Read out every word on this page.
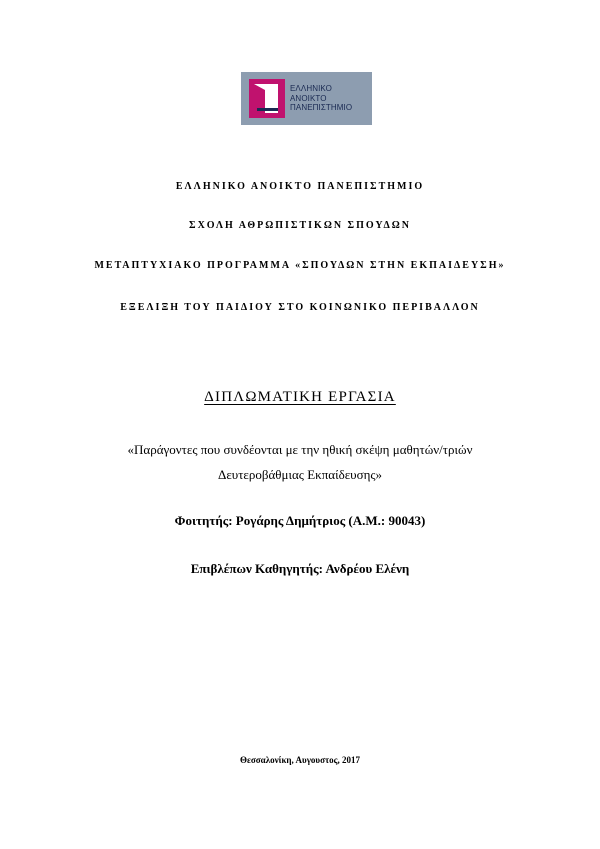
ΕΛΛΗΝΙΚΟ
ΑΝΟΙΚΤΟ
ΠΑΝΕΠΙΣΤΗΜΙΟ
ΕΛΛΗΝΙΚΟ ΑΝΟΙΚΤΟ ΠΑΝΕΠΙΣΤΗΜΙΟ
ΣΧΟΛΗ ΑΘΡΩΠΙΣΤΙΚΩΝ ΣΠΟΥΔΩΝ
ΜΕΤΑΠΤΥΧΙΑΚΟ ΠΡΟΓΡΑΜΜΑ «ΣΠΟΥΔΩΝ ΣΤΗΝ ΕΚΠΑΙΔΕΥΣΗ»
ΕΞΕΛΙΞΗ ΤΟΥ ΠΑΙΔΙΟΥ ΣΤΟ ΚΟΙΝΩΝΙΚΟ ΠΕΡΙΒΑΛΛΟΝ
ΔΙΠΛΩΜΑΤΙΚΗ ΕΡΓΑΣΙΑ
«Παράγοντες που συνδέονται με την ηθική σκέψη μαθητών/τριών
Δευτεροβάθμιας Εκπαίδευσης»
Φοιτητής: Ρογάρης Δημήτριος (Α.Μ.: 90043)
Επιβλέπων Καθηγητής: Ανδρέου Ελένη
Θεσσαλονίκη, Αυγουστος, 2017
